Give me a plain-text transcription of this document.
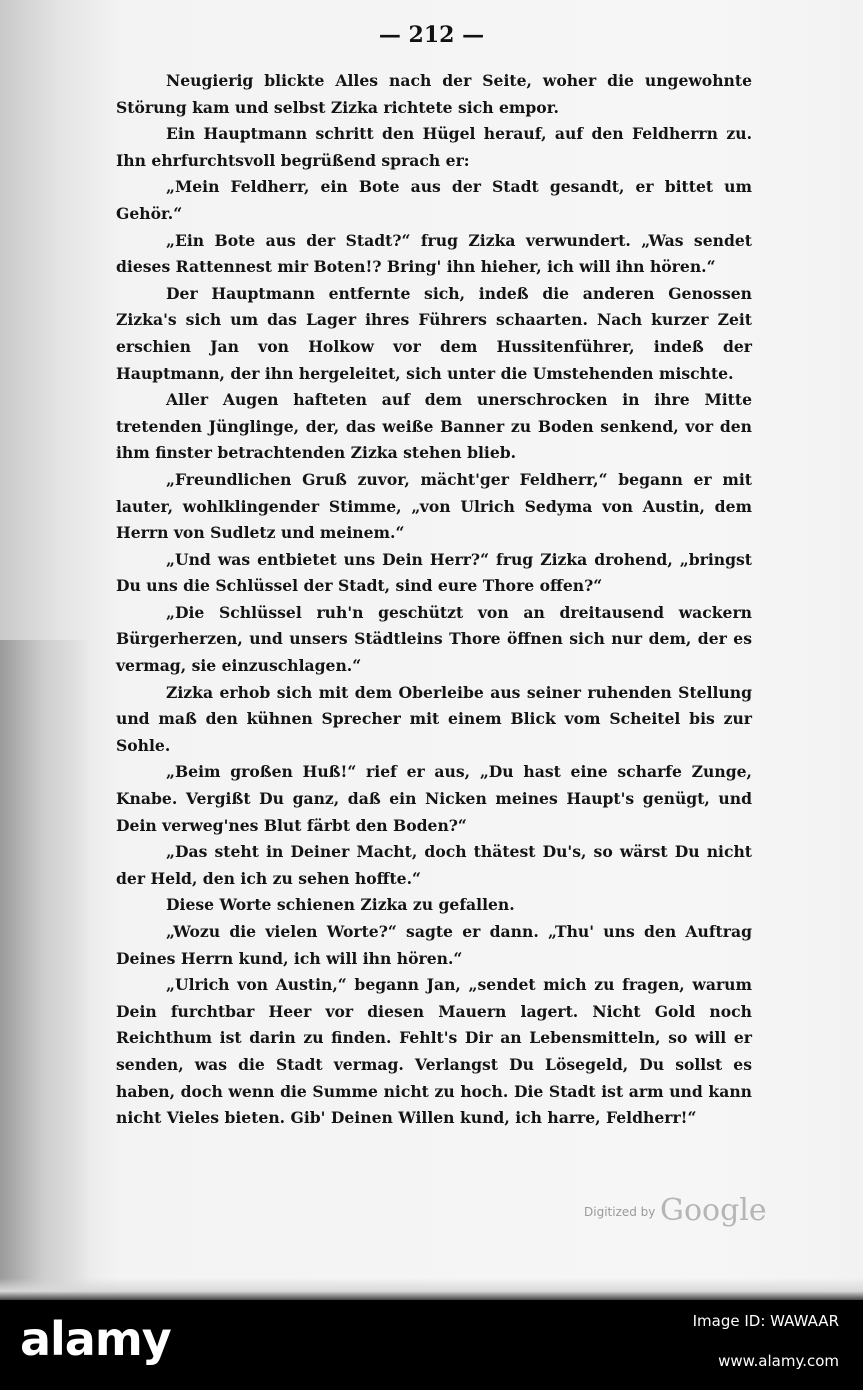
— 212 —

Neugierig blickte Alles nach der Seite, woher die ungewohnte Störung kam und selbst Zizka richtete sich empor.

Ein Hauptmann schritt den Hügel herauf, auf den Feldherrn zu. Ihn ehrfurchtsvoll begrüßend sprach er:

„Mein Feldherr, ein Bote aus der Stadt gesandt, er bittet um Gehör.“

„Ein Bote aus der Stadt?“ frug Zizka verwundert. „Was sendet dieses Rattennest mir Boten!? Bring' ihn hieher, ich will ihn hören.“

Der Hauptmann entfernte sich, indeß die anderen Genossen Zizka's sich um das Lager ihres Führers schaarten. Nach kurzer Zeit erschien Jan von Holkow vor dem Hussitenführer, indeß der Hauptmann, der ihn hergeleitet, sich unter die Umstehenden mischte.

Aller Augen hafteten auf dem unerschrocken in ihre Mitte tretenden Jünglinge, der, das weiße Banner zu Boden senkend, vor den ihm finster betrachtenden Zizka stehen blieb.

„Freundlichen Gruß zuvor, mächt'ger Feldherr,“ begann er mit lauter, wohlklingender Stimme, „von Ulrich Sedyma von Austin, dem Herrn von Sudletz und meinem.“

„Und was entbietet uns Dein Herr?“ frug Zizka drohend, „bringst Du uns die Schlüssel der Stadt, sind eure Thore offen?“

„Die Schlüssel ruh'n geschützt von an dreitausend wackern Bürgerherzen, und unsers Städtleins Thore öffnen sich nur dem, der es vermag, sie einzuschlagen.“

Zizka erhob sich mit dem Oberleibe aus seiner ruhenden Stellung und maß den kühnen Sprecher mit einem Blick vom Scheitel bis zur Sohle.

„Beim großen Huß!“ rief er aus, „Du hast eine scharfe Zunge, Knabe. Vergißt Du ganz, daß ein Nicken meines Haupt's genügt, und Dein verweg'nes Blut färbt den Boden?“

„Das steht in Deiner Macht, doch thätest Du's, so wärst Du nicht der Held, den ich zu sehen hoffte.“

Diese Worte schienen Zizka zu gefallen.

„Wozu die vielen Worte?“ sagte er dann. „Thu' uns den Auftrag Deines Herrn kund, ich will ihn hören.“

„Ulrich von Austin,“ begann Jan, „sendet mich zu fragen, warum Dein furchtbar Heer vor diesen Mauern lagert. Nicht Gold noch Reichthum ist darin zu finden. Fehlt's Dir an Lebensmitteln, so will er senden, was die Stadt vermag. Verlangst Du Lösegeld, Du sollst es haben, doch wenn die Summe nicht zu hoch. Die Stadt ist arm und kann nicht Vieles bieten. Gib' Deinen Willen kund, ich harre, Feldherr!“

Digitized by Google
alamy	Image ID: WAWAAR
www.alamy.com
